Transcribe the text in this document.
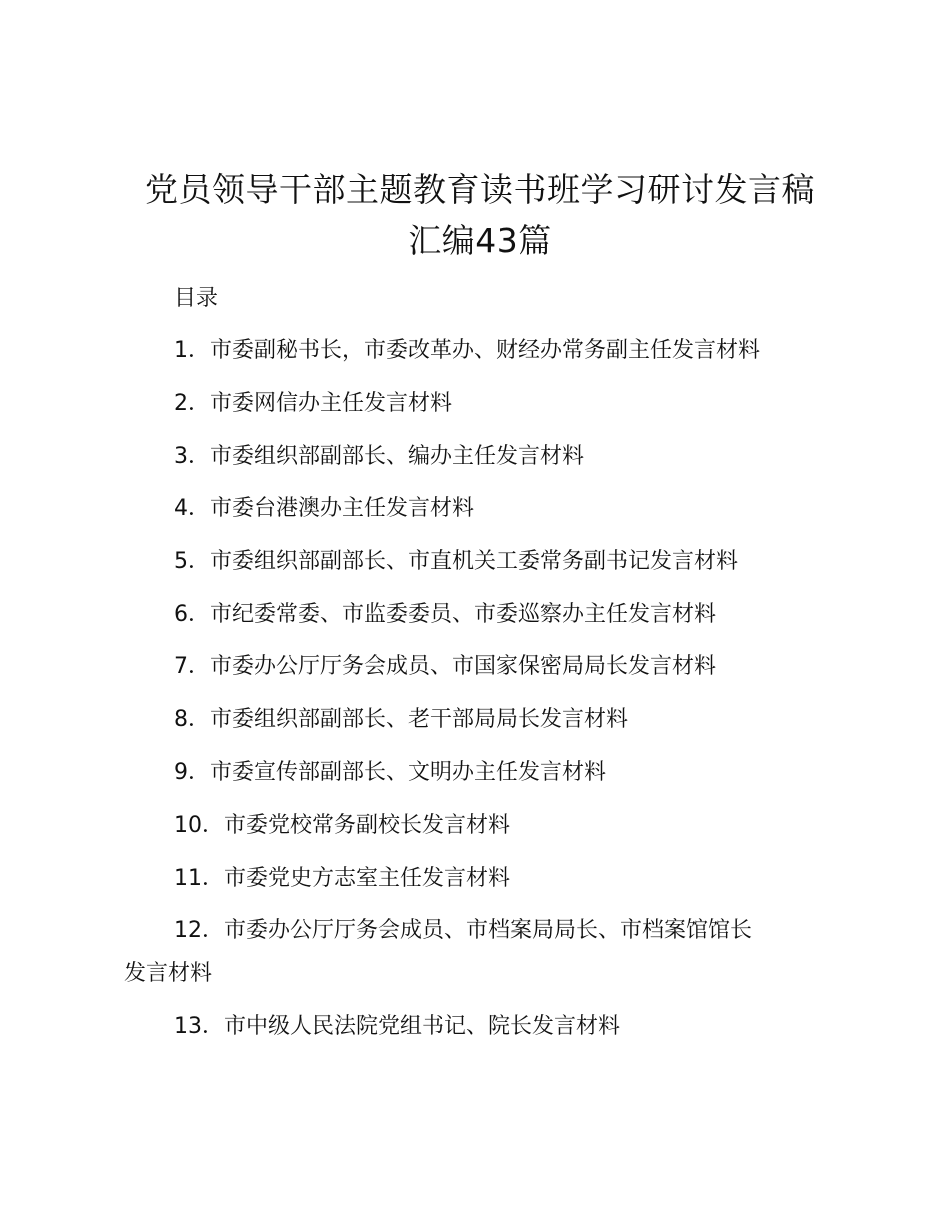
党员领导干部主题教育读书班学习研讨发言稿
汇编43篇
目录
1．市委副秘书长，市委改革办、财经办常务副主任发言材料
2．市委网信办主任发言材料
3．市委组织部副部长、编办主任发言材料
4．市委台港澳办主任发言材料
5．市委组织部副部长、市直机关工委常务副书记发言材料
6．市纪委常委、市监委委员、市委巡察办主任发言材料
7．市委办公厅厅务会成员、市国家保密局局长发言材料
8．市委组织部副部长、老干部局局长发言材料
9．市委宣传部副部长、文明办主任发言材料
10．市委党校常务副校长发言材料
11．市委党史方志室主任发言材料
12．市委办公厅厅务会成员、市档案局局长、市档案馆馆长
发言材料
13．市中级人民法院党组书记、院长发言材料
